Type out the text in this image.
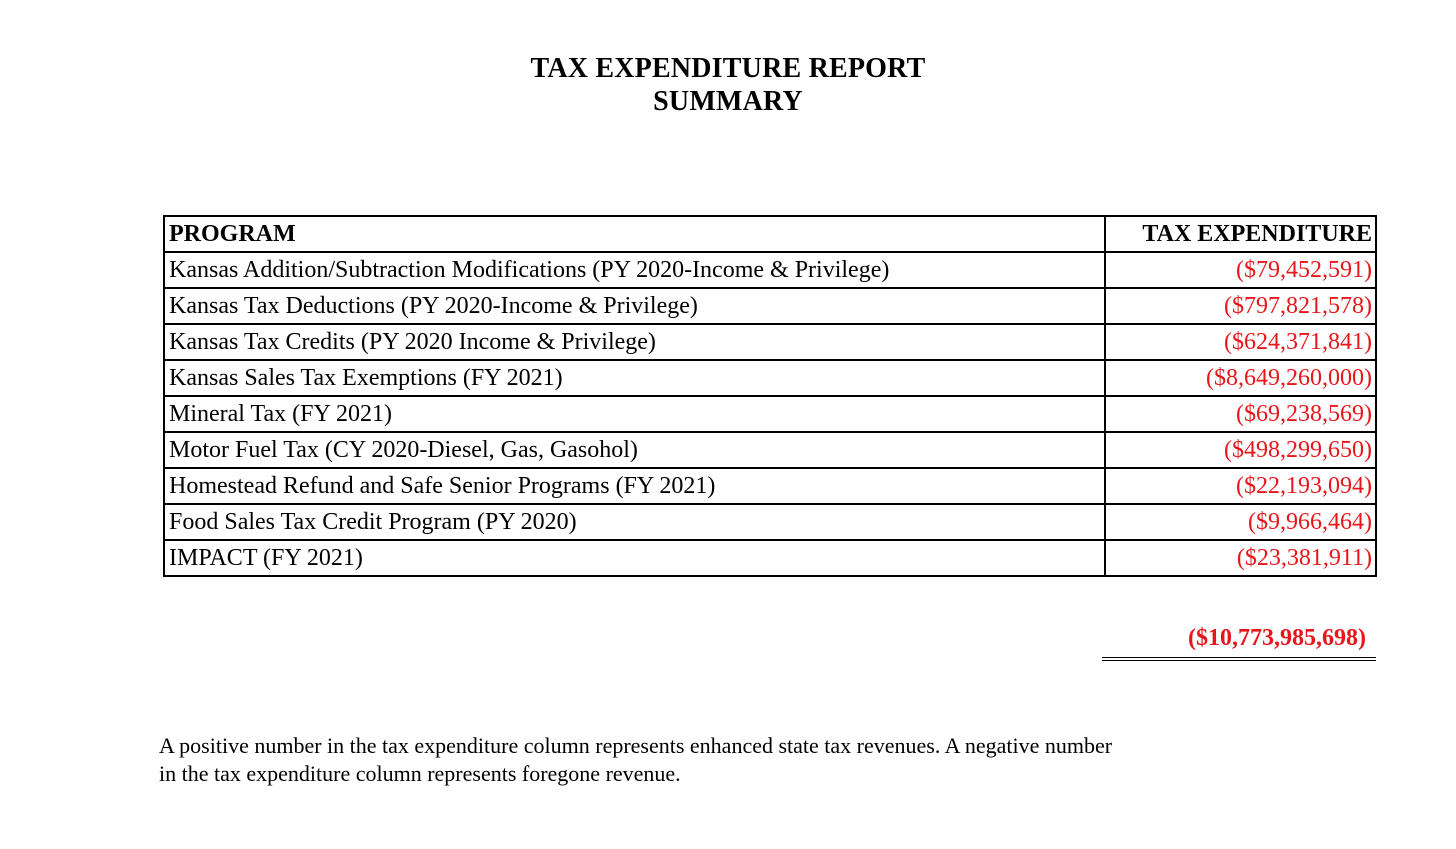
TAX EXPENDITURE REPORT
SUMMARY
PROGRAM	TAX EXPENDITURE
Kansas Addition/Subtraction Modifications (PY 2020-Income & Privilege)	($79,452,591)
Kansas Tax Deductions (PY 2020-Income & Privilege)	($797,821,578)
Kansas Tax Credits (PY 2020 Income & Privilege)	($624,371,841)
Kansas Sales Tax Exemptions (FY 2021)	($8,649,260,000)
Mineral Tax (FY 2021)	($69,238,569)
Motor Fuel Tax (CY 2020-Diesel, Gas, Gasohol)	($498,299,650)
Homestead Refund and Safe Senior Programs (FY 2021)	($22,193,094)
Food Sales Tax Credit Program (PY 2020)	($9,966,464)
IMPACT (FY 2021)	($23,381,911)
($10,773,985,698)
A positive number in the tax expenditure column represents enhanced state tax revenues. A negative number
in the tax expenditure column represents foregone revenue.
